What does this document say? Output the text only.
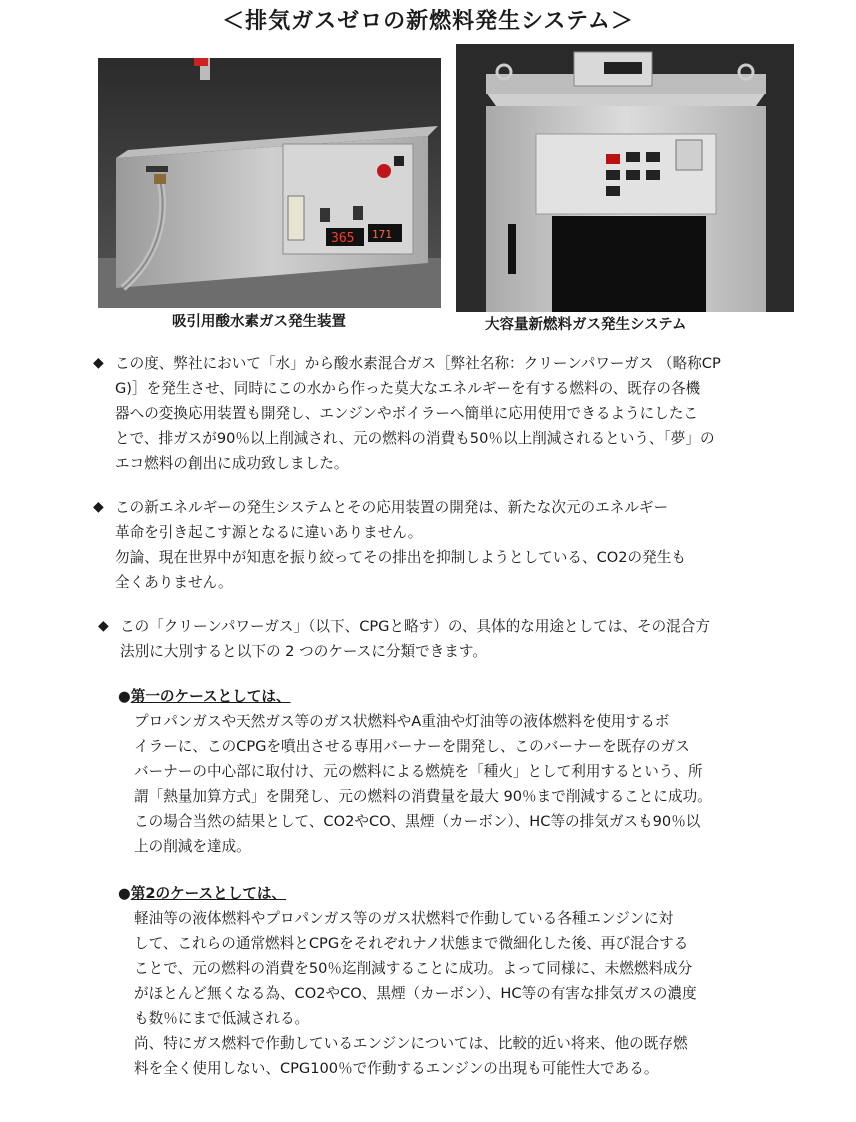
＜排気ガスゼロの新燃料発生システム＞
365 171
吸引用酸水素ガス発生装置	大容量新燃料ガス発生システム
◆ この度、弊社において「水」から酸水素混合ガス［弊社名称：クリーンパワーガス （略称CP
G)］を発生させ、同時にこの水から作った莫大なエネルギーを有する燃料の、既存の各機
器への変換応用装置も開発し、エンジンやボイラーへ簡単に応用使用できるようにしたこ
とで、排ガスが90％以上削減され、元の燃料の消費も50％以上削減されるという、「夢」の
エコ燃料の創出に成功致しました。
◆ この新エネルギーの発生システムとその応用装置の開発は、新たな次元のエネルギー
革命を引き起こす源となるに違いありません。
勿論、現在世界中が知恵を振り絞ってその排出を抑制しようとしている、CO2の発生も
全くありません。
◆ この「クリーンパワーガス」（以下、CPGと略す）の、具体的な用途としては、その混合方
法別に大別すると以下の 2 つのケースに分類できます。
●第一のケースとしては、
プロパンガスや天然ガス等のガス状燃料やA重油や灯油等の液体燃料を使用するボ
イラーに、このCPGを噴出させる専用バーナーを開発し、このバーナーを既存のガス
バーナーの中心部に取付け、元の燃料による燃焼を「種火」として利用するという、所
謂「熱量加算方式」を開発し、元の燃料の消費量を最大 90％まで削減することに成功。
この場合当然の結果として、CO2やCO、黒煙（カーボン）、HC等の排気ガスも90％以
上の削減を達成。
●第2のケースとしては、
軽油等の液体燃料やプロパンガス等のガス状燃料で作動している各種エンジンに対
して、これらの通常燃料とCPGをそれぞれナノ状態まで微細化した後、再び混合する
ことで、元の燃料の消費を50％迄削減することに成功。よって同様に、未燃燃料成分
がほとんど無くなる為、CO2やCO、黒煙（カーボン）、HC等の有害な排気ガスの濃度
も数％にまで低減される。
尚、特にガス燃料で作動しているエンジンについては、比較的近い将来、他の既存燃
料を全く使用しない、CPG100％で作動するエンジンの出現も可能性大である。
